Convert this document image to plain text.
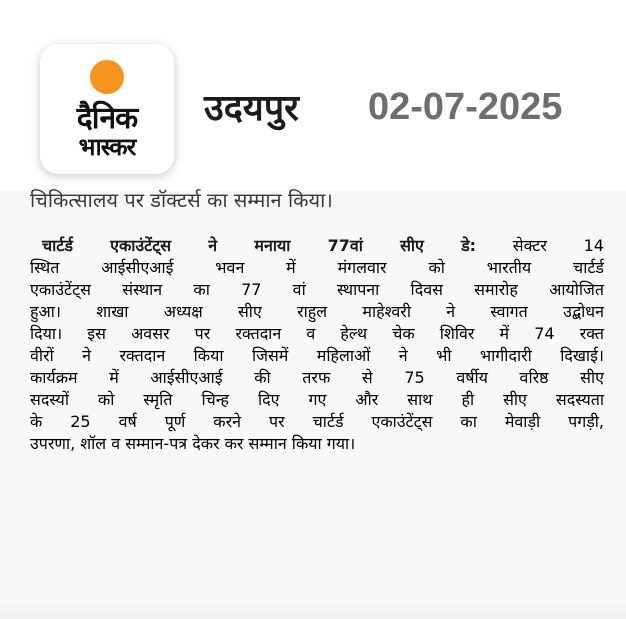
दैनिक
भास्कर
उदयपुर 02-07-2025
चिकित्सालय पर डॉक्टर्स का सम्मान किया।
चार्टर्ड एकाउंटेंट्स ने मनाया 77वां सीए डे: सेक्टर 14
स्थित आईसीएआई भवन में मंगलवार को भारतीय चार्टर्ड
एकाउंटेंट्स संस्थान का 77 वां स्थापना दिवस समारोह आयोजित
हुआ। शाखा अध्यक्ष सीए राहुल माहेश्वरी ने स्वागत उद्बोधन
दिया। इस अवसर पर रक्तदान व हेल्थ चेक शिविर में 74 रक्त
वीरों ने रक्तदान किया जिसमें महिलाओं ने भी भागीदारी दिखाई।
कार्यक्रम में आईसीएआई की तरफ से 75 वर्षीय वरिष्ठ सीए
सदस्यों को स्मृति चिन्ह दिए गए और साथ ही सीए सदस्यता
के 25 वर्ष पूर्ण करने पर चार्टर्ड एकाउंटेंट्स का मेवाड़ी पगड़ी,
उपरणा, शॉल व सम्मान-पत्र देकर कर सम्मान किया गया।
